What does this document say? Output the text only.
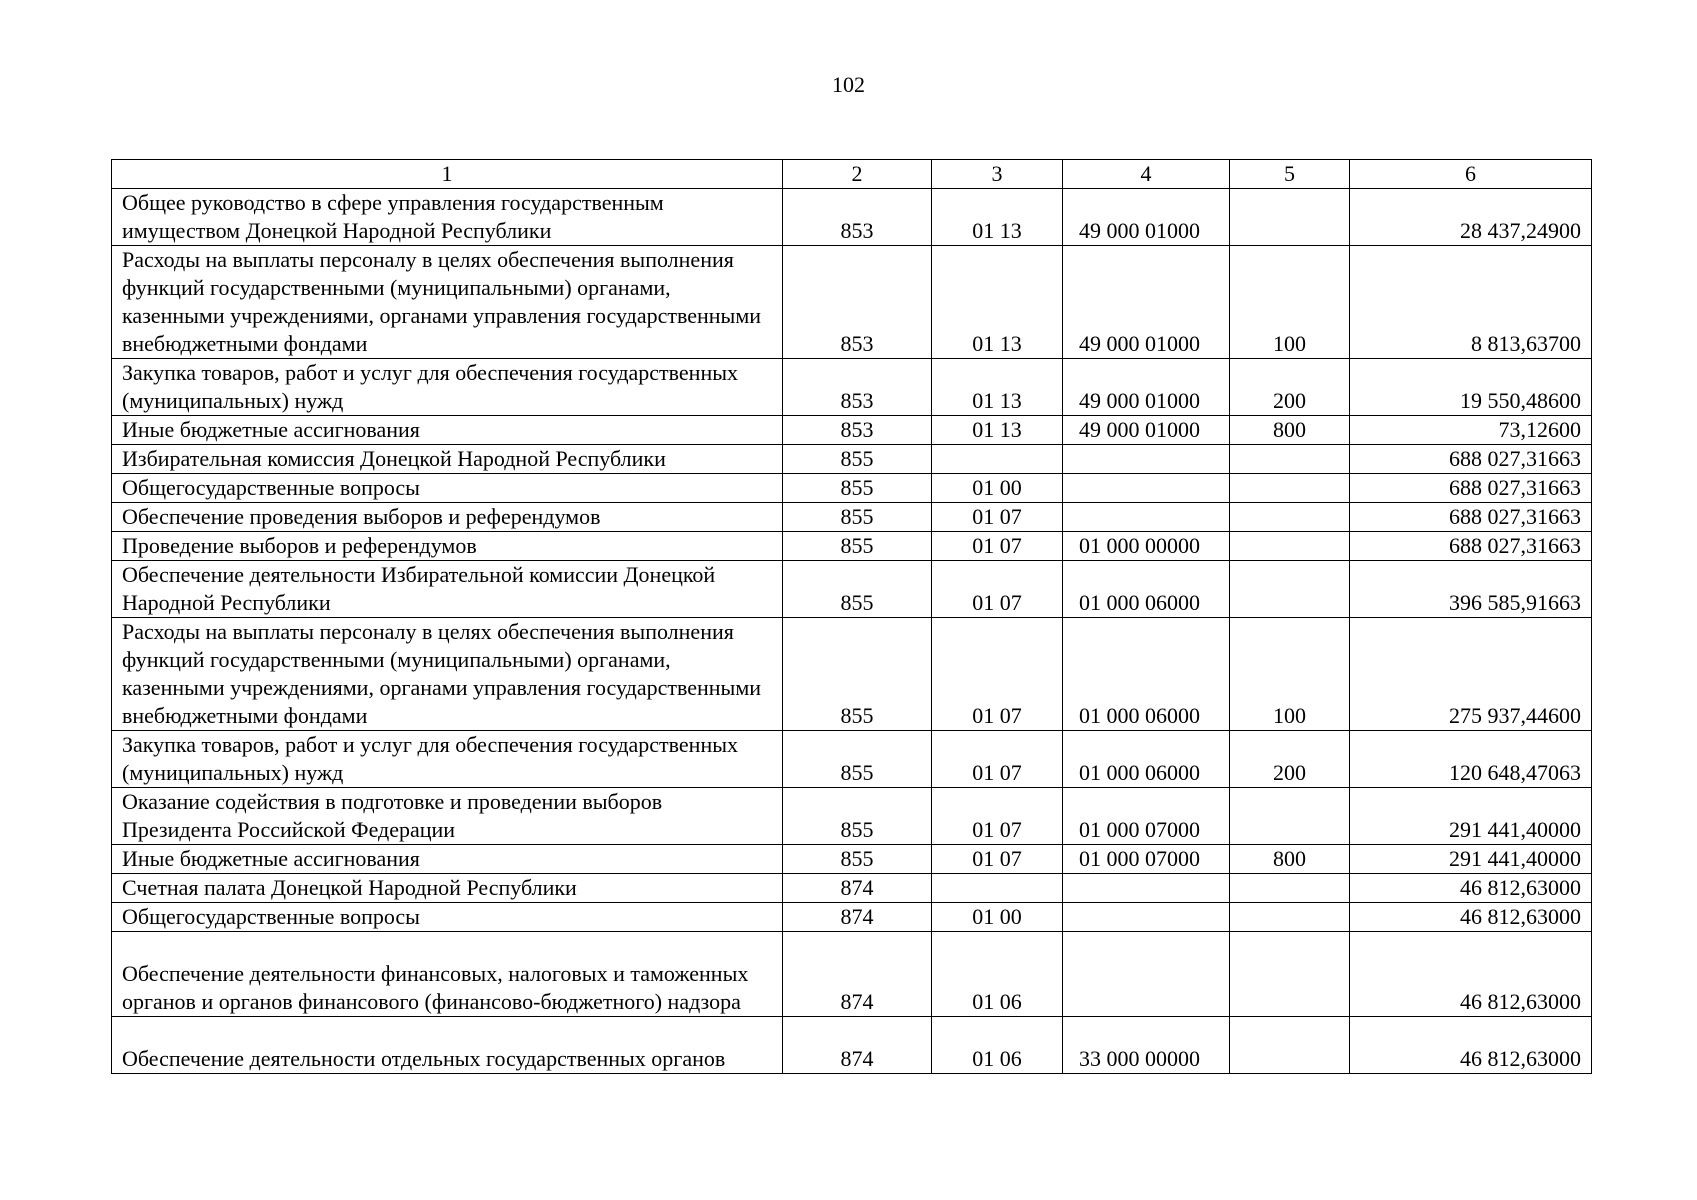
102
1	2	3	4	5	6
Общее руководство в сфере управления государственным имуществом Донецкой Народной Республики	853	01 13	49 000 01000		28 437,24900
Расходы на выплаты персоналу в целях обеспечения выполнения функций государственными (муниципальными) органами, казенными учреждениями, органами управления государственными внебюджетными фондами	853	01 13	49 000 01000	100	8 813,63700
Закупка товаров, работ и услуг для обеспечения государственных (муниципальных) нужд	853	01 13	49 000 01000	200	19 550,48600
Иные бюджетные ассигнования	853	01 13	49 000 01000	800	73,12600
Избирательная комиссия Донецкой Народной Республики	855				688 027,31663
Общегосударственные вопросы	855	01 00			688 027,31663
Обеспечение проведения выборов и референдумов	855	01 07			688 027,31663
Проведение выборов и референдумов	855	01 07	01 000 00000		688 027,31663
Обеспечение деятельности Избирательной комиссии Донецкой Народной Республики	855	01 07	01 000 06000		396 585,91663
Расходы на выплаты персоналу в целях обеспечения выполнения функций государственными (муниципальными) органами, казенными учреждениями, органами управления государственными внебюджетными фондами	855	01 07	01 000 06000	100	275 937,44600
Закупка товаров, работ и услуг для обеспечения государственных (муниципальных) нужд	855	01 07	01 000 06000	200	120 648,47063
Оказание содействия в подготовке и проведении выборов Президента Российской Федерации	855	01 07	01 000 07000		291 441,40000
Иные бюджетные ассигнования	855	01 07	01 000 07000	800	291 441,40000
Счетная палата Донецкой Народной Республики	874				46 812,63000
Общегосударственные вопросы	874	01 00			46 812,63000
Обеспечение деятельности финансовых, налоговых и таможенных органов и органов финансового (финансово-бюджетного) надзора	874	01 06			46 812,63000
Обеспечение деятельности отдельных государственных органов	874	01 06	33 000 00000		46 812,63000
